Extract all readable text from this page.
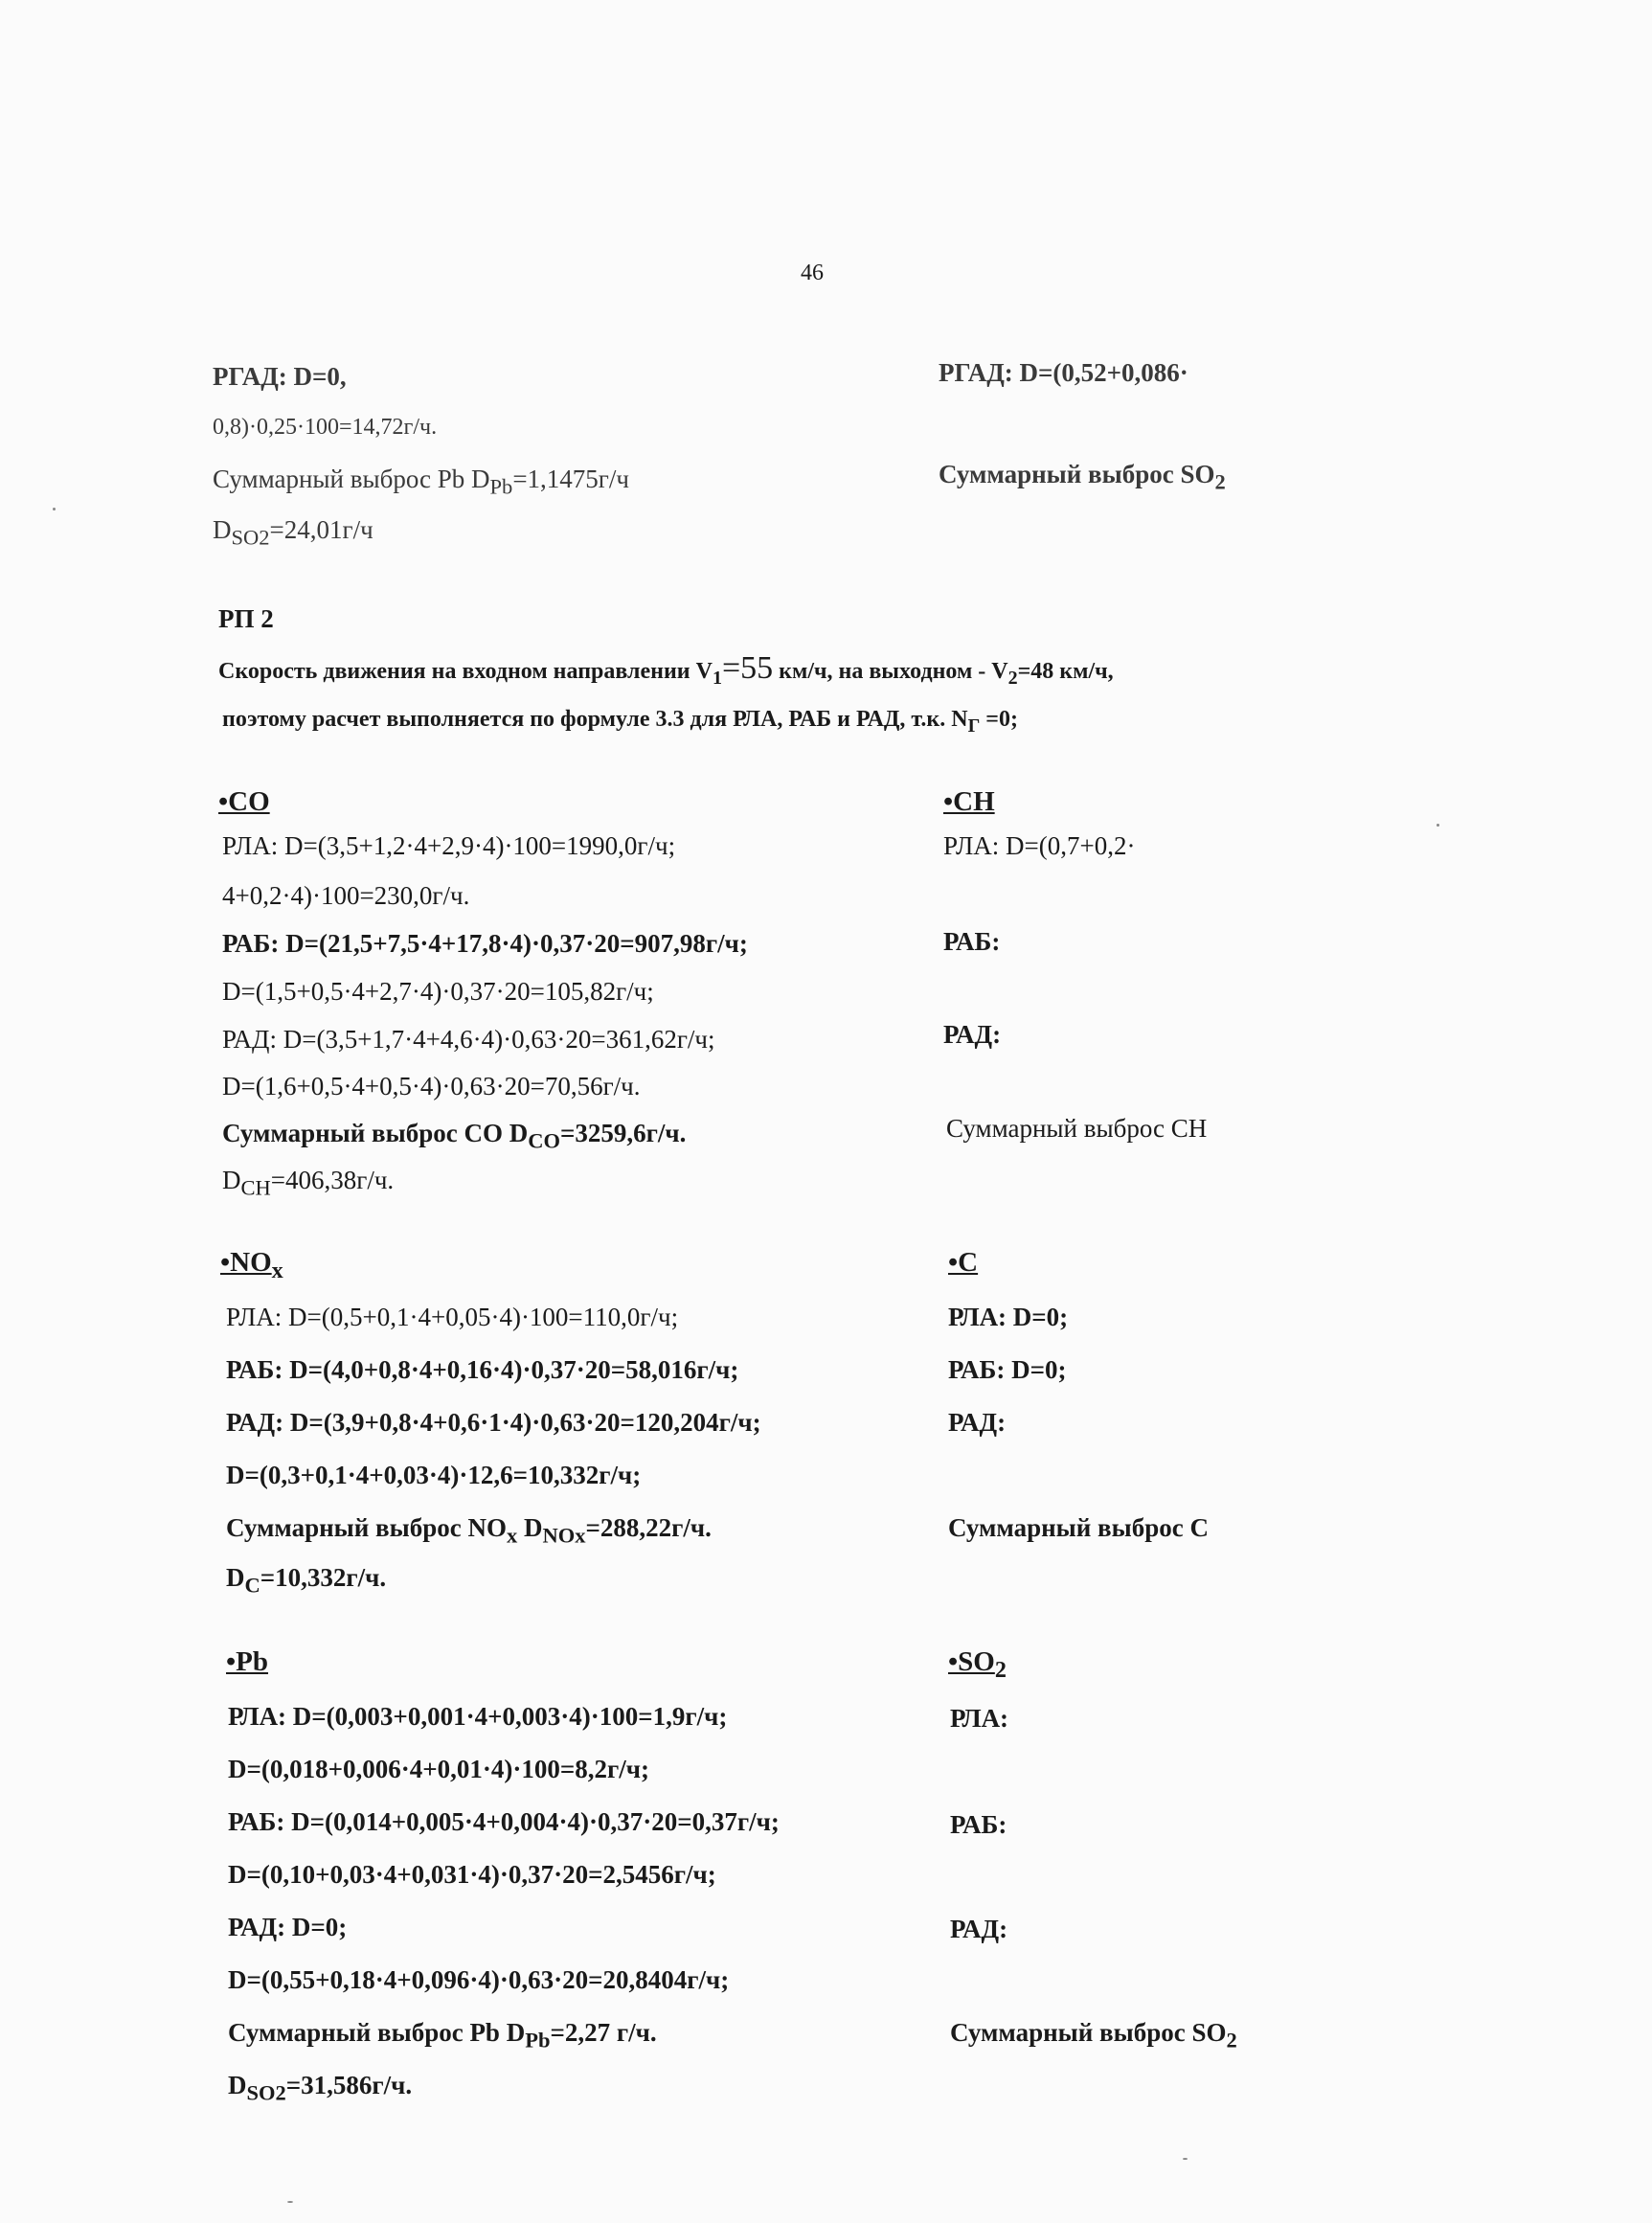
46
РГАД: D=0,
0,8)·0,25·100=14,72г/ч.
Суммарный выброс Pb $D_{Pb}=1,1475г/ч$
$D_{SO2}=24,01г/ч$
РГАД: D=(0,52+0,086·
Суммарный выброс $SO_2$
РП 2
Скорость движения на входном направлении $V_1=55$ км/ч, на выходном - $V_2=48$ км/ч,
поэтому расчет выполняется по формуле 3.3 для РЛА, РАБ и РАД, т.к. $N_Г =0$;
•CO
РЛА: D=(3,5+1,2·4+2,9·4)·100=1990,0г/ч;
4+0,2·4)·100=230,0г/ч.
РАБ: D=(21,5+7,5·4+17,8·4)·0,37·20=907,98г/ч;
D=(1,5+0,5·4+2,7·4)·0,37·20=105,82г/ч;
РАД: D=(3,5+1,7·4+4,6·4)·0,63·20=361,62г/ч;
D=(1,6+0,5·4+0,5·4)·0,63·20=70,56г/ч.
Суммарный выброс CO $D_{CO}=3259,6г/ч$.
$D_{CH}=406,38г/ч$.
•CH
РЛА: D=(0,7+0,2·
РАБ:
РАД:
Суммарный выброс CH
$•NO_x$
РЛА: D=(0,5+0,1·4+0,05·4)·100=110,0г/ч;
РАБ: D=(4,0+0,8·4+0,16·4)·0,37·20=58,016г/ч;
РАД: D=(3,9+0,8·4+0,6·1·4)·0,63·20=120,204г/ч;
D=(0,3+0,1·4+0,03·4)·12,6=10,332г/ч;
Суммарный выброс $NO_x$ $D_{NOx}=288,22г/ч$.
$D_C=10,332г/ч$.
•C
РЛА: D=0;
РАБ: D=0;
РАД:
Суммарный выброс C
•Pb
РЛА: D=(0,003+0,001·4+0,003·4)·100=1,9г/ч;
D=(0,018+0,006·4+0,01·4)·100=8,2г/ч;
РАБ: D=(0,014+0,005·4+0,004·4)·0,37·20=0,37г/ч;
D=(0,10+0,03·4+0,031·4)·0,37·20=2,5456г/ч;
РАД: D=0;
D=(0,55+0,18·4+0,096·4)·0,63·20=20,8404г/ч;
Суммарный выброс Pb $D_{Pb}=2,27$ г/ч.
$D_{SO2}=31,586г/ч$.
$•SO_2$
РЛА:
РАБ:
РАД:
Суммарный выброс $SO_2$
